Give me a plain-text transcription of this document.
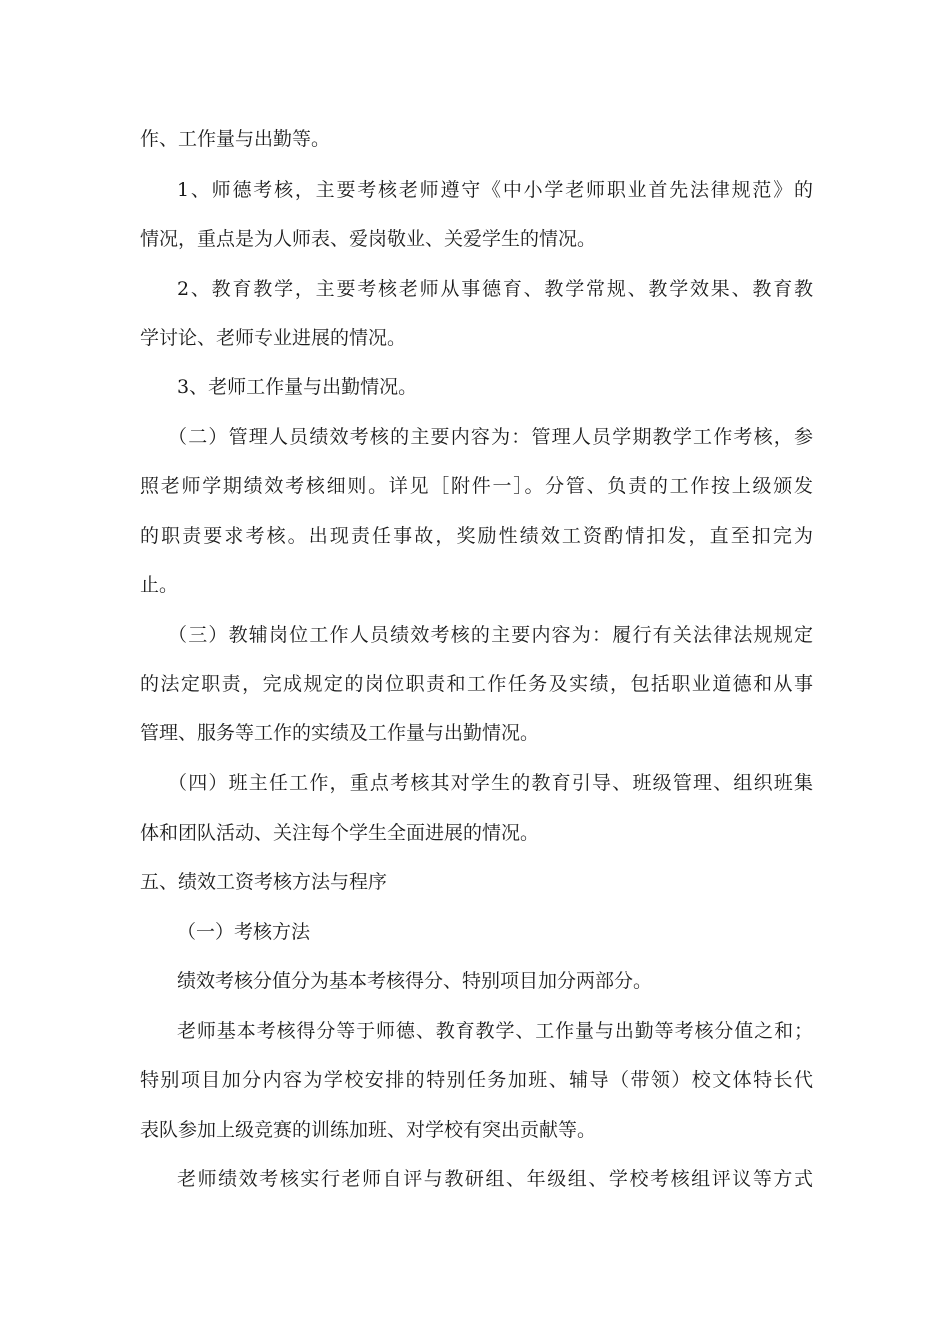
作、工作量与出勤等。
1、师德考核，主要考核老师遵守《中小学老师职业首先法律规范》的
情况，重点是为人师表、爱岗敬业、关爱学生的情况。
2、教育教学，主要考核老师从事德育、教学常规、教学效果、教育教
学讨论、老师专业进展的情况。
3、老师工作量与出勤情况。
（二）管理人员绩效考核的主要内容为：管理人员学期教学工作考核，参
照老师学期绩效考核细则。详见［附件一］。分管、负责的工作按上级颁发
的职责要求考核。出现责任事故，奖励性绩效工资酌情扣发，直至扣完为
止。
（三）教辅岗位工作人员绩效考核的主要内容为：履行有关法律法规规定
的法定职责，完成规定的岗位职责和工作任务及实绩，包括职业道德和从事
管理、服务等工作的实绩及工作量与出勤情况。
（四）班主任工作，重点考核其对学生的教育引导、班级管理、组织班集
体和团队活动、关注每个学生全面进展的情况。
五、绩效工资考核方法与程序
（一）考核方法
绩效考核分值分为基本考核得分、特别项目加分两部分。
老师基本考核得分等于师德、教育教学、工作量与出勤等考核分值之和；
特别项目加分内容为学校安排的特别任务加班、辅导（带领）校文体特长代
表队参加上级竞赛的训练加班、对学校有突出贡献等。
老师绩效考核实行老师自评与教研组、年级组、学校考核组评议等方式
